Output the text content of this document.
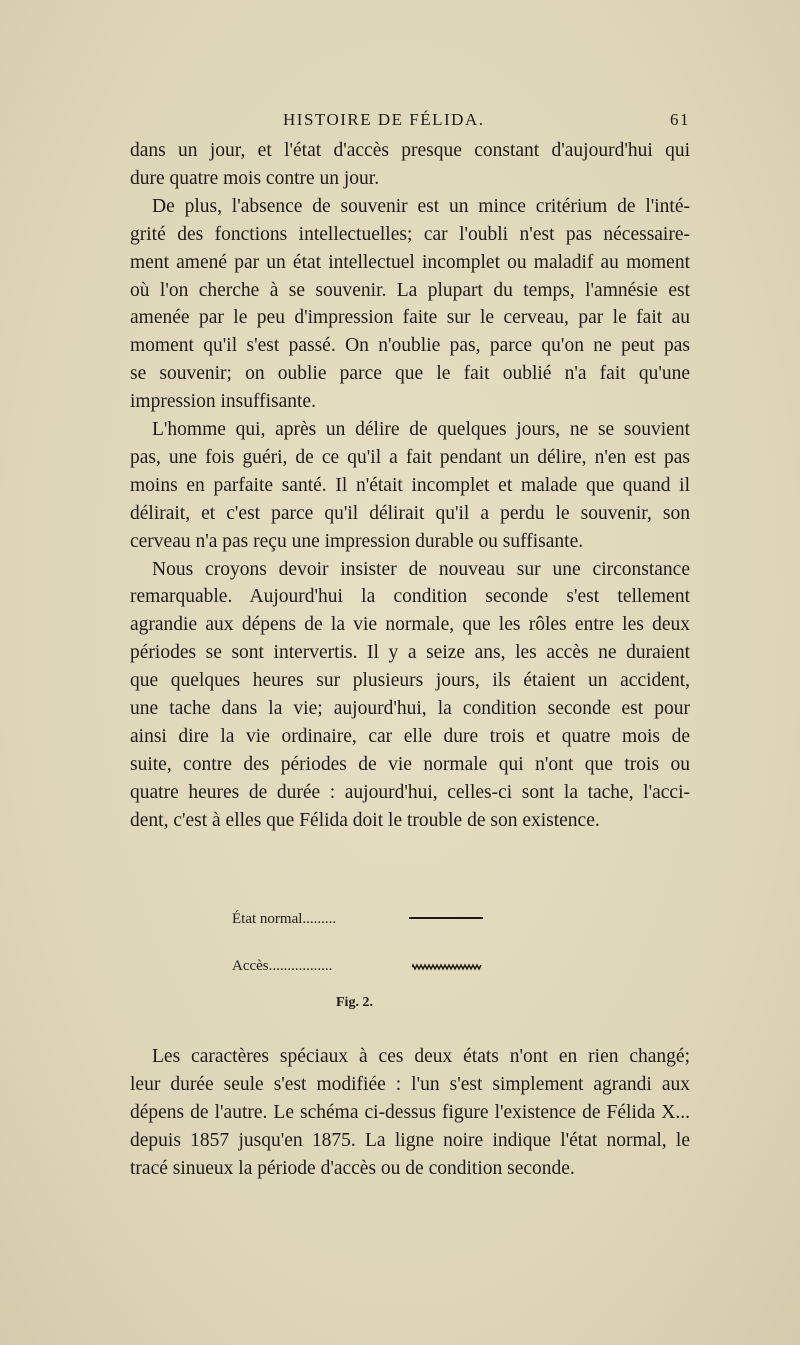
HISTOIRE DE FÉLIDA.	61
dans un jour, et l'état d'accès presque constant d'aujourd'hui qui
dure quatre mois contre un jour.
De plus, l'absence de souvenir est un mince critérium de l'inté-
grité des fonctions intellectuelles; car l'oubli n'est pas nécessaire-
ment amené par un état intellectuel incomplet ou maladif au moment
où l'on cherche à se souvenir. La plupart du temps, l'amnésie est
amenée par le peu d'impression faite sur le cerveau, par le fait au
moment qu'il s'est passé. On n'oublie pas, parce qu'on ne peut pas
se souvenir; on oublie parce que le fait oublié n'a fait qu'une
impression insuffisante.
L'homme qui, après un délire de quelques jours, ne se souvient
pas, une fois guéri, de ce qu'il a fait pendant un délire, n'en est pas
moins en parfaite santé. Il n'était incomplet et malade que quand il
délirait, et c'est parce qu'il délirait qu'il a perdu le souvenir, son
cerveau n'a pas reçu une impression durable ou suffisante.
Nous croyons devoir insister de nouveau sur une circonstance
remarquable. Aujourd'hui la condition seconde s'est tellement
agrandie aux dépens de la vie normale, que les rôles entre les deux
périodes se sont intervertis. Il y a seize ans, les accès ne duraient
que quelques heures sur plusieurs jours, ils étaient un accident,
une tache dans la vie; aujourd'hui, la condition seconde est pour
ainsi dire la vie ordinaire, car elle dure trois et quatre mois de
suite, contre des périodes de vie normale qui n'ont que trois ou
quatre heures de durée : aujourd'hui, celles-ci sont la tache, l'acci-
dent, c'est à elles que Félida doit le trouble de son existence.
Les caractères spéciaux à ces deux états n'ont en rien changé;
leur durée seule s'est modifiée : l'un s'est simplement agrandi aux
dépens de l'autre. Le schéma ci-dessus figure l'existence de Félida X...
depuis 1857 jusqu'en 1875. La ligne noire indique l'état normal, le
tracé sinueux la période d'accès ou de condition seconde.
État normal.........
Accès.................
Fig. 2.
